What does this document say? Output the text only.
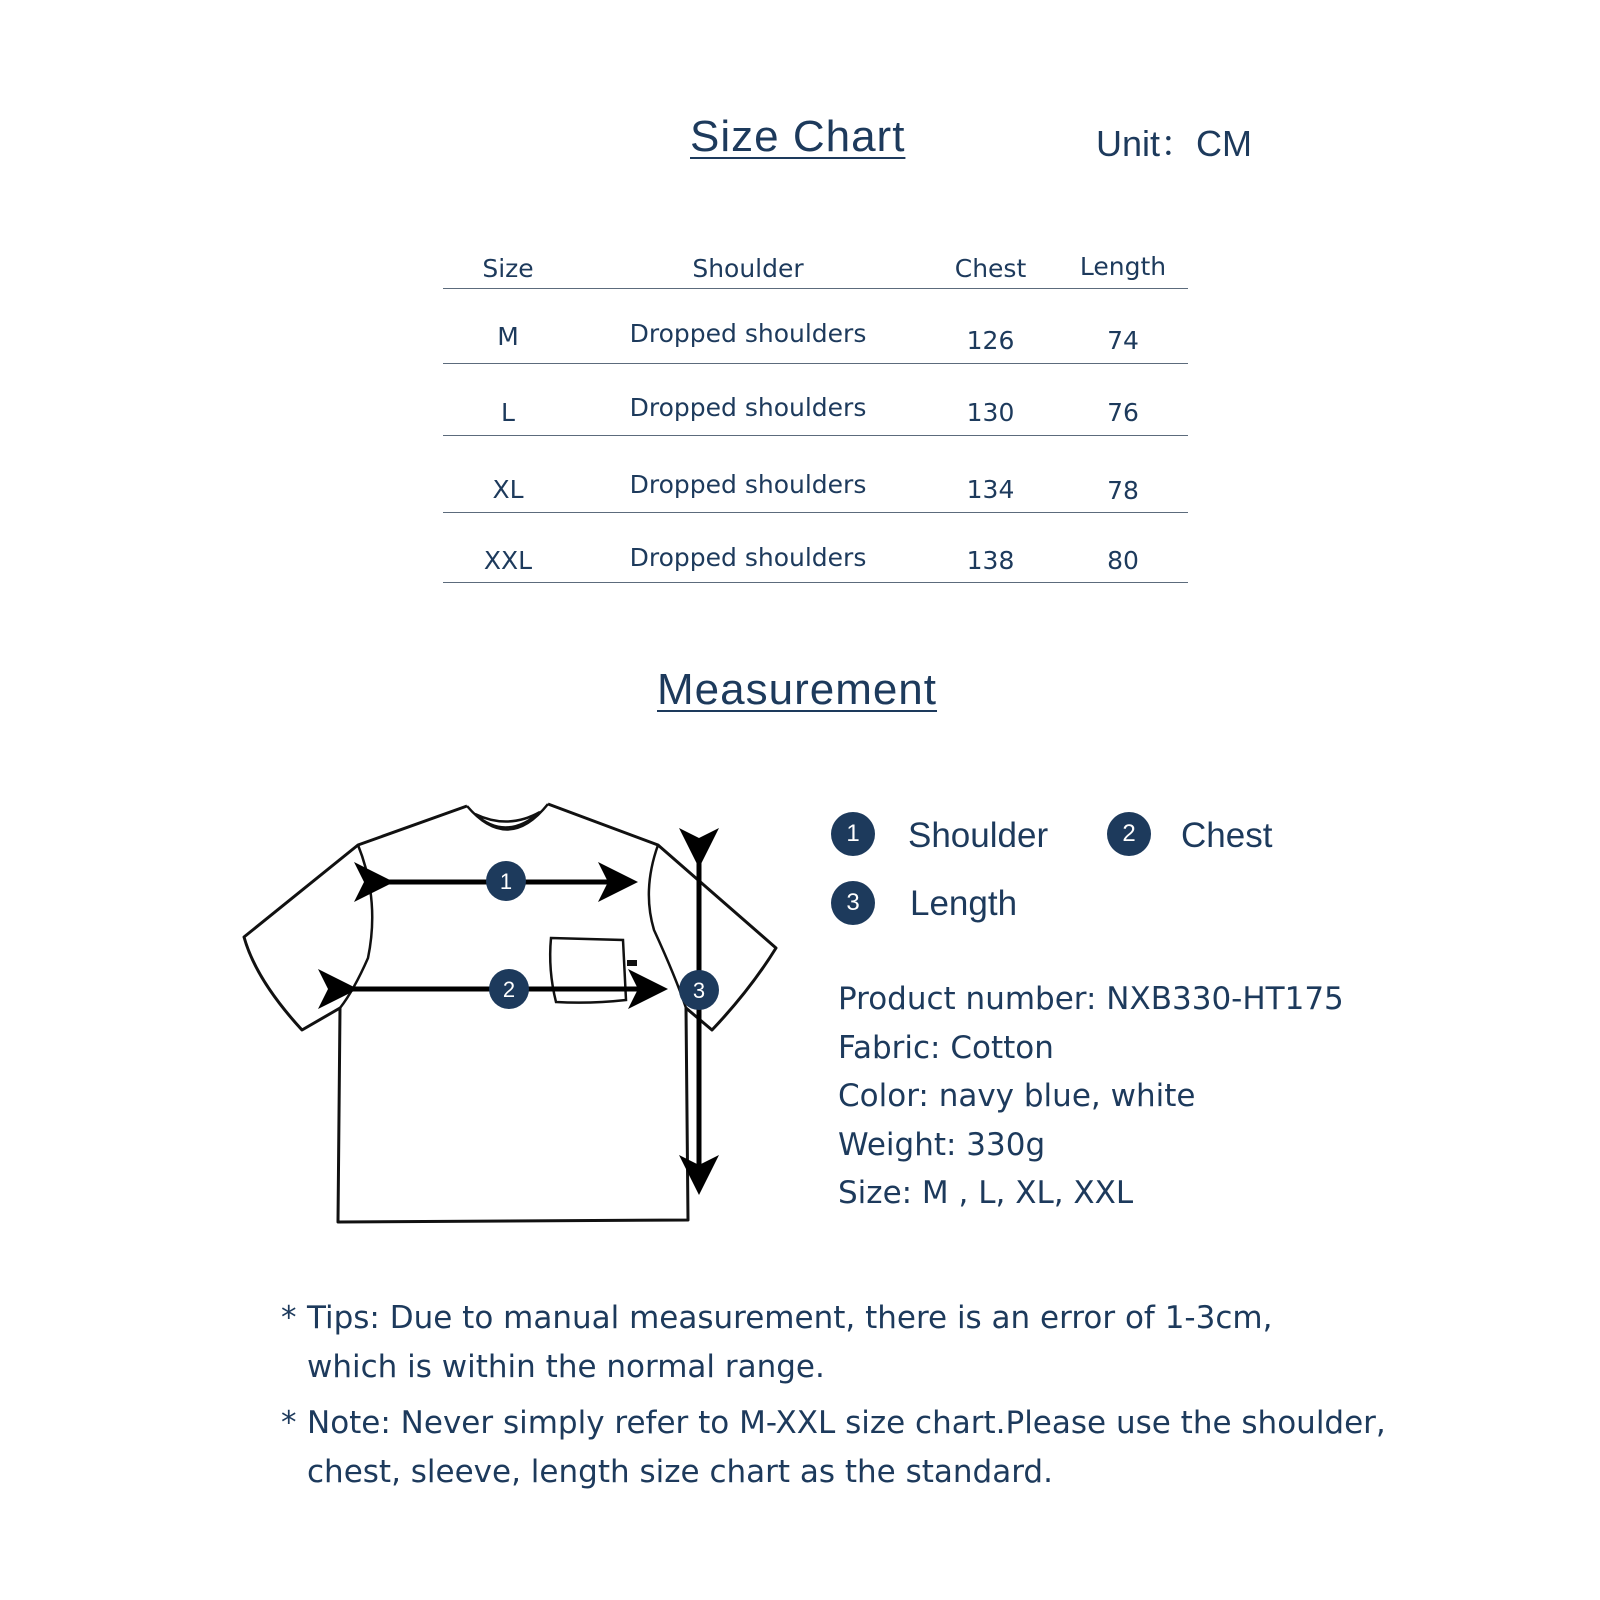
Size Chart	Unit：CM
Size	Shoulder	Chest	Length
M	Dropped shoulders	126	74
L	Dropped shoulders	130	76
XL	Dropped shoulders	134	78
XXL	Dropped shoulders	138	80
Measurement
1
2	3
1	Shoulder	2	Chest
3	Length
Product number: NXB330-HT175
Fabric: Cotton
Color: navy blue, white
Weight: 330g
Size: M , L, XL, XXL
* Tips: Due to manual measurement, there is an error of 1-3cm,
which is within the normal range.
* Note: Never simply refer to M-XXL size chart.Please use the shoulder,
chest, sleeve, length size chart as the standard.
